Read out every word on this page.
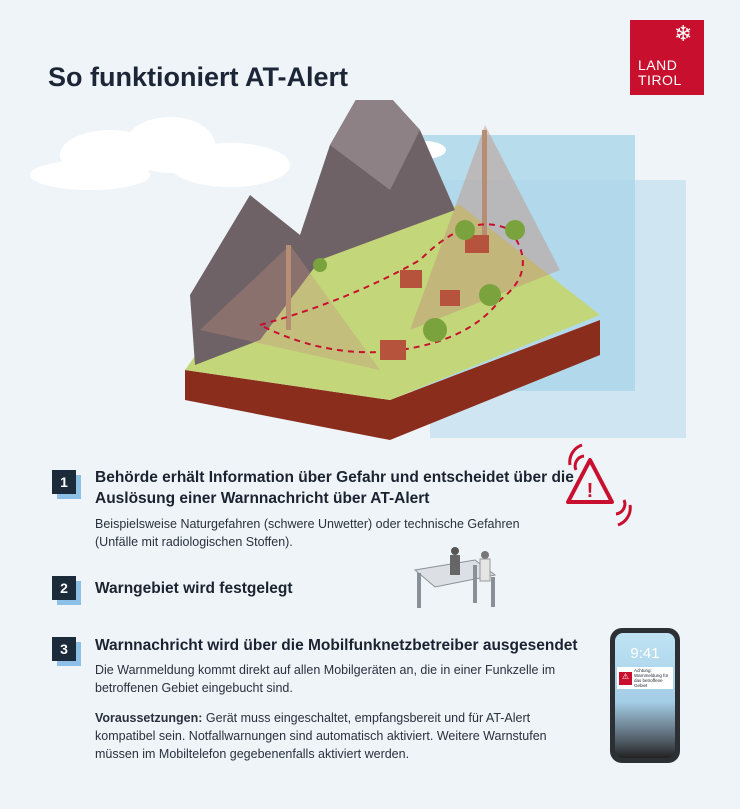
So funktioniert AT-Alert
❄
LAND
TIROL
!
9:41
⚠
Achtung: Warnmeldung für das betroffene Gebiet
1	Behörde erhält Information über Gefahr und entscheidet über die Auslösung einer Warnnachricht über AT-Alert
Beispielsweise Naturgefahren (schwere Unwetter) oder technische Gefahren (Unfälle mit radiologischen Stoffen).
2	Warngebiet wird festgelegt
3	Warnnachricht wird über die Mobilfunknetzbetreiber ausgesendet
Die Warnmeldung kommt direkt auf allen Mobilgeräten an, die in einer Funkzelle im betroffenen Gebiet eingebucht sind.
Voraussetzungen: Gerät muss eingeschaltet, empfangsbereit und für AT-Alert kompatibel sein. Notfallwarnungen sind automatisch aktiviert. Weitere Warnstufen müssen im Mobiltelefon gegebenenfalls aktiviert werden.
